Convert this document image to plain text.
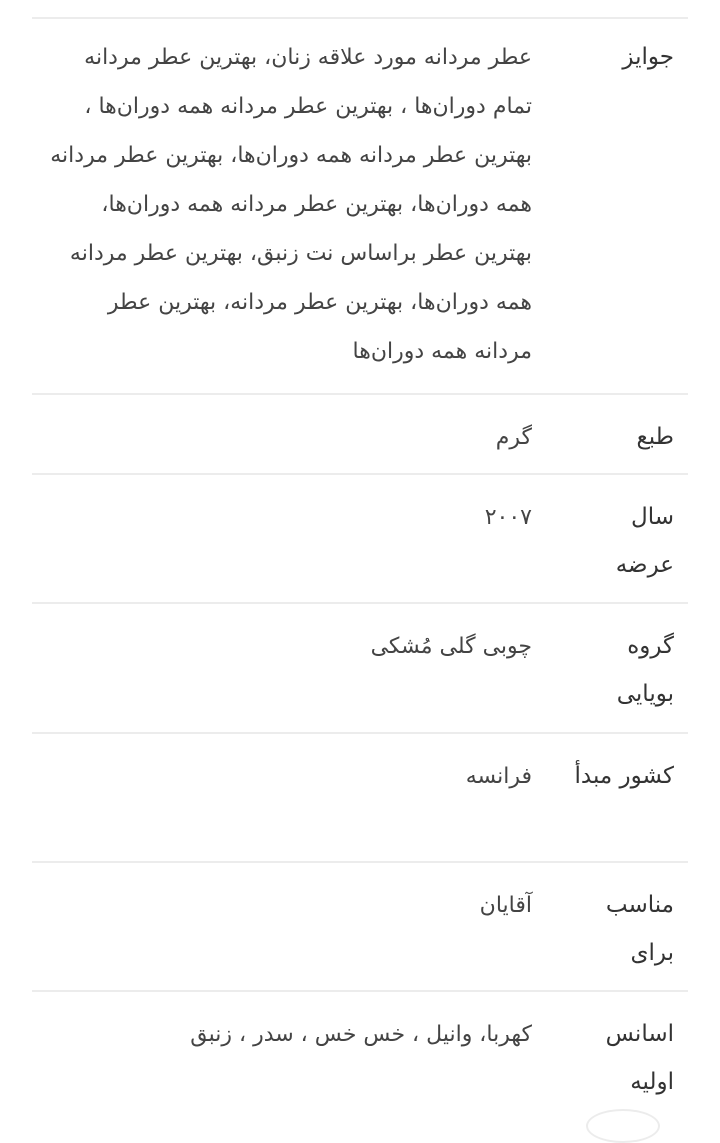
جوایز
عطر مردانه مورد علاقه زنان، بهترین عطر مردانه تمام دوران‌ها ، بهترین عطر مردانه همه دوران‌ها ، بهترین عطر مردانه همه دوران‌ها، بهترین عطر مردانه همه دوران‌ها، بهترین عطر مردانه همه دوران‌ها، بهترین عطر براساس نت زنبق، بهترین عطر مردانه همه دوران‌ها، بهترین عطر مردانه، بهترین عطر مردانه همه دوران‌ها
طبع
گرم
سال عرضه
۲۰۰۷
گروه بویایی
چوبی گلی مُشکی
کشور مبدأ
فرانسه
مناسب برای
آقایان
اسانس اولیه
کهربا، وانیل ، خس خس ، سدر ، زنبق
